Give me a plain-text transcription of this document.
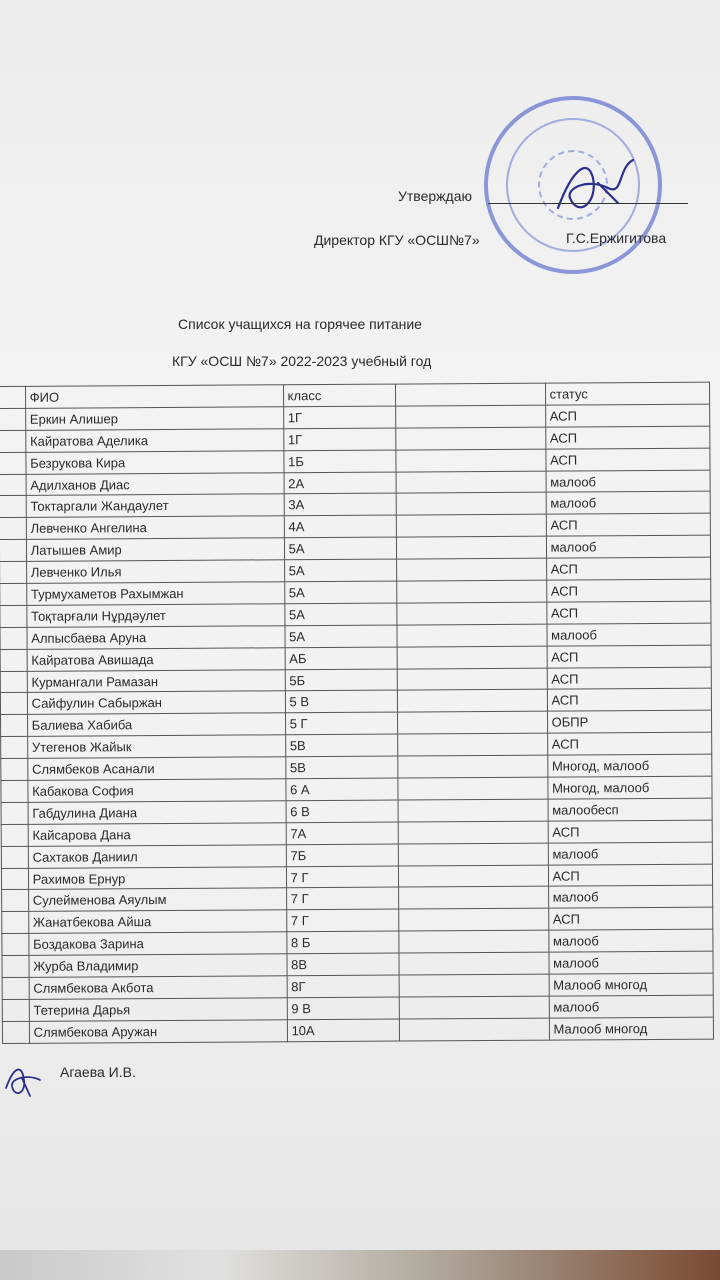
Утверждаю
Директор КГУ «ОСШ№7»	Г.С.Ержигитова
Список учащихся на горячее питание
КГУ «ОСШ №7» 2022-2023 учебный год
	ФИО	класс		статус
	Еркин Алишер	1Г		АСП
	Кайратова Аделика	1Г		АСП
	Безрукова Кира	1Б		АСП
	Адилханов Диас	2А		малооб
	Токтаргали Жандаулет	3А		малооб
	Левченко Ангелина	4А		АСП
	Латышев Амир	5А		малооб
	Левченко Илья	5А		АСП
	Турмухаметов Рахымжан	5А		АСП
	Тоқтарғали Нұрдәулет	5А		АСП
	Алпысбаева Аруна	5А		малооб
	Кайратова Авишада	АБ		АСП
	Курмангали Рамазан	5Б		АСП
	Сайфулин Сабыржан	5 В		АСП
	Балиева Хабиба	5 Г		ОБПР
	Утегенов Жайык	5В		АСП
	Слямбеков Асанали	5В		Многод, малооб
	Кабакова София	6 А		Многод, малооб
	Габдулина Диана	6 В		малообесп
	Кайсарова Дана	7А		АСП
	Сахтаков Даниил	7Б		малооб
	Рахимов Ернур	7 Г		АСП
	Сулейменова Аяулым	7 Г		малооб
	Жанатбекова Айша	7 Г		АСП
	Боздакова Зарина	8 Б		малооб
	Журба Владимир	8В		малооб
	Слямбекова Акбота	8Г		Малооб многод
	Тетерина Дарья	9 В		малооб
	Слямбекова Аружан	10А		Малооб многод
Агаева И.В.
